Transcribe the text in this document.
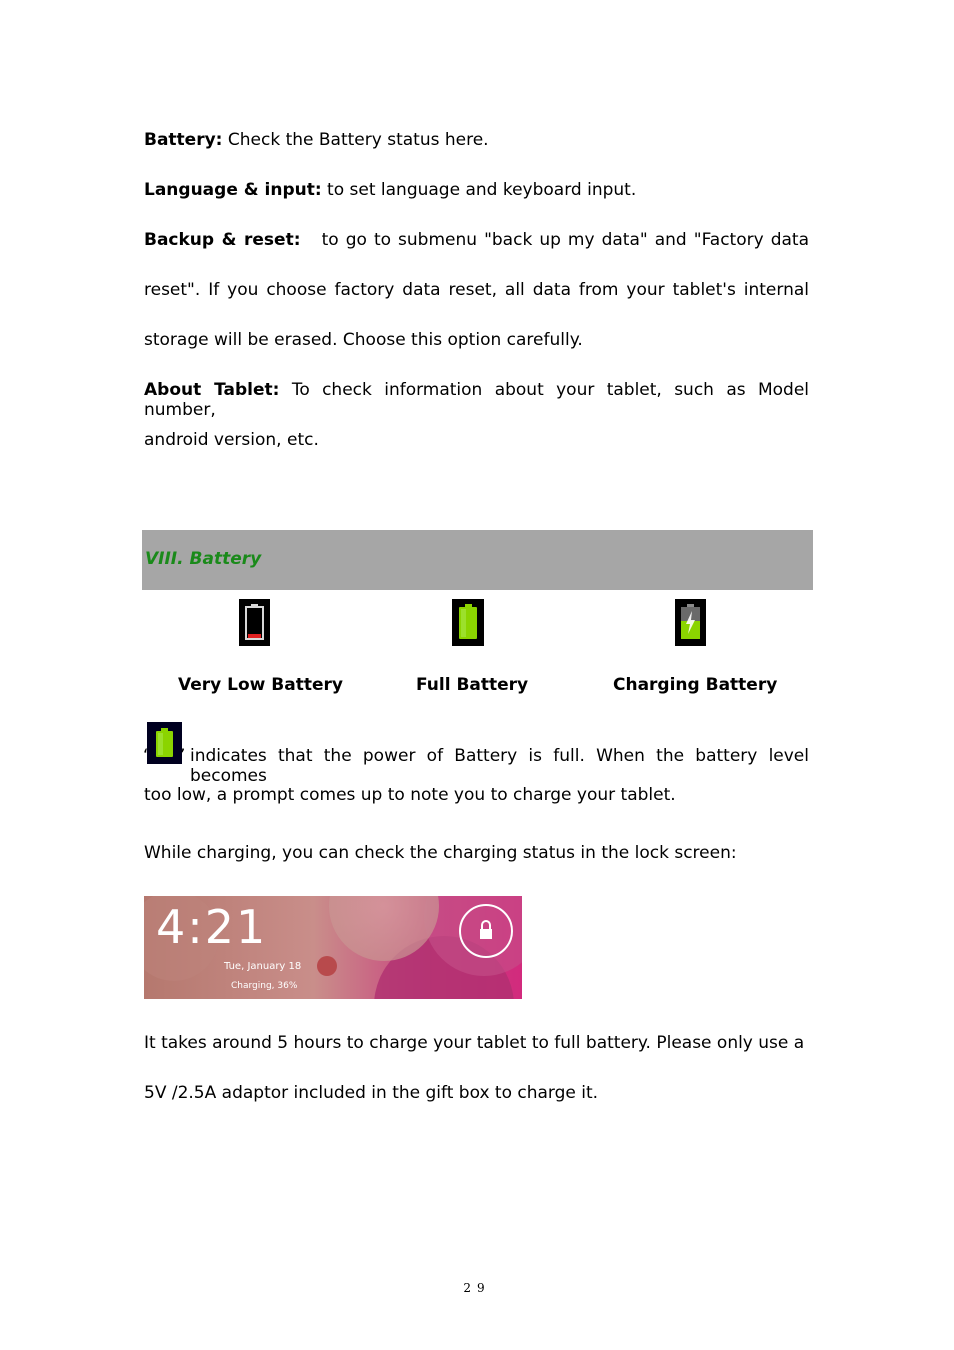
Battery: Check the Battery status here.
Language & input: to set language and keyboard input.
Backup & reset: to go to submenu "back up my data" and "Factory data
reset". If you choose factory data reset, all data from your tablet's internal
storage will be erased. Choose this option carefully.
About Tablet: To check information about your tablet, such as Model number,
android version, etc.
VIII. Battery
Very Low Battery	Full Battery	Charging Battery
‘ ’ indicates that the power of Battery is full. When the battery level becomes
too low, a prompt comes up to note you to charge your tablet.
While charging, you can check the charging status in the lock screen:
4:21
Tue, January 18
Charging, 36%
It takes around 5 hours to charge your tablet to full battery. Please only use a
5V /2.5A adaptor included in the gift box to charge it.
29
